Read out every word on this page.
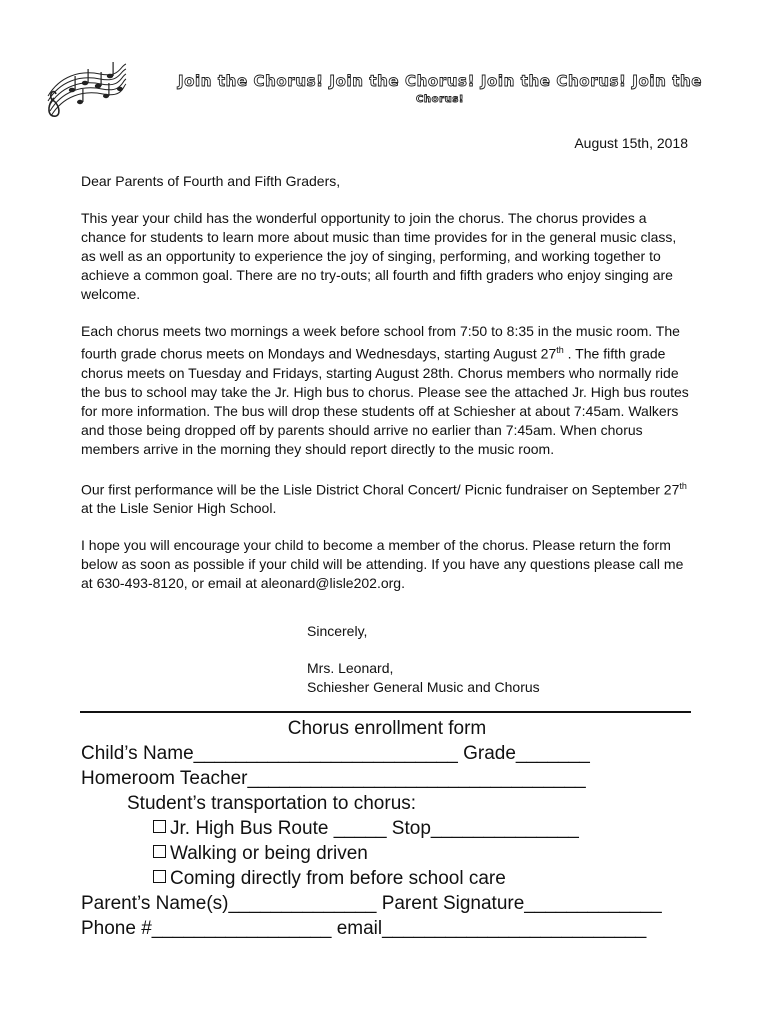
Join the Chorus! Join the Chorus! Join the Chorus! Join the
Chorus!
August 15th, 2018

Dear Parents of Fourth and Fifth Graders,

This year your child has the wonderful opportunity to join the chorus. The chorus provides a chance for students to learn more about music than time provides for in the general music class, as well as an opportunity to experience the joy of singing, performing, and working together to achieve a common goal. There are no try-outs; all fourth and fifth graders who enjoy singing are welcome.

Each chorus meets two mornings a week before school from 7:50 to 8:35 in the music room. The fourth grade chorus meets on Mondays and Wednesdays, starting August 27th . The fifth grade chorus meets on Tuesday and Fridays, starting August 28th. Chorus members who normally ride the bus to school may take the Jr. High bus to chorus. Please see the attached Jr. High bus routes for more information. The bus will drop these students off at Schiesher at about 7:45am. Walkers and those being dropped off by parents should arrive no earlier than 7:45am. When chorus members arrive in the morning they should report directly to the music room.

Our first performance will be the Lisle District Choral Concert/ Picnic fundraiser on September 27th at the Lisle Senior High School.

I hope you will encourage your child to become a member of the chorus. Please return the form below as soon as possible if your child will be attending. If you have any questions please call me at 630-493-8120, or email at aleonard@lisle202.org.

Sincerely,
Mrs. Leonard,
Schiesher General Music and Chorus
Chorus enrollment form
Child’s Name_________________________ Grade_______
Homeroom Teacher________________________________
Student’s transportation to chorus:
Jr. High Bus Route _____ Stop______________
Walking or being driven
Coming directly from before school care
Parent’s Name(s)______________ Parent Signature_____________
Phone #_________________ email_________________________
